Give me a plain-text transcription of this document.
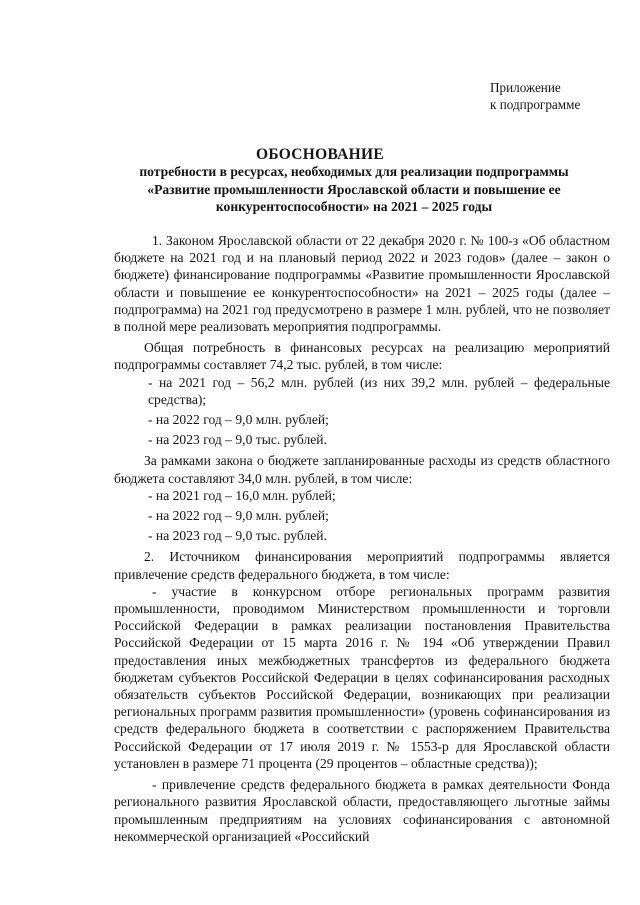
Приложение
к подпрограмме
ОБОСНОВАНИЕ
потребности в ресурсах, необходимых для реализации подпрограммы
«Развитие промышленности Ярославской области и повышение ее
конкурентоспособности» на 2021 – 2025 годы

1. Законом Ярославской области от 22 декабря 2020 г. № 100-з «Об областном бюджете на 2021 год и на плановый период 2022 и 2023 годов» (далее – закон о бюджете) финансирование подпрограммы «Развитие промышленности Ярославской области и повышение ее конкурентоспособности» на 2021 – 2025 годы (далее – подпрограмма) на 2021 год предусмотрено в размере 1 млн. рублей, что не позволяет в полной мере реализовать мероприятия подпрограммы.

Общая потребность в финансовых ресурсах на реализацию мероприятий подпрограммы составляет 74,2 тыс. рублей, в том числе:

- на 2021 год – 56,2 млн. рублей (из них 39,2 млн. рублей – федеральные средства);

- на 2022 год – 9,0 млн. рублей;

- на 2023 год – 9,0 тыс. рублей.

За рамками закона о бюджете запланированные расходы из средств областного бюджета составляют 34,0 млн. рублей, в том числе:

- на 2021 год – 16,0 млн. рублей;

- на 2022 год – 9,0 млн. рублей;

- на 2023 год – 9,0 тыс. рублей.

2. Источником финансирования мероприятий подпрограммы является привлечение средств федерального бюджета, в том числе:

- участие в конкурсном отборе региональных программ развития промышленности, проводимом Министерством промышленности и торговли Российской Федерации в рамках реализации постановления Правительства Российской Федерации от 15 марта 2016 г. № 194 «Об утверждении Правил предоставления иных межбюджетных трансфертов из федерального бюджета бюджетам субъектов Российской Федерации в целях софинансирования расходных обязательств субъектов Российской Федерации, возникающих при реализации региональных программ развития промышленности» (уровень софинансирования из средств федерального бюджета в соответствии с распоряжением Правительства Российской Федерации от 17 июля 2019 г. № 1553-р для Ярославской области установлен в размере 71 процента (29 процентов – областные средства));

- привлечение средств федерального бюджета в рамках деятельности Фонда регионального развития Ярославской области, предоставляющего льготные займы промышленным предприятиям на условиях софинансирования с автономной некоммерческой организацией «Российский
